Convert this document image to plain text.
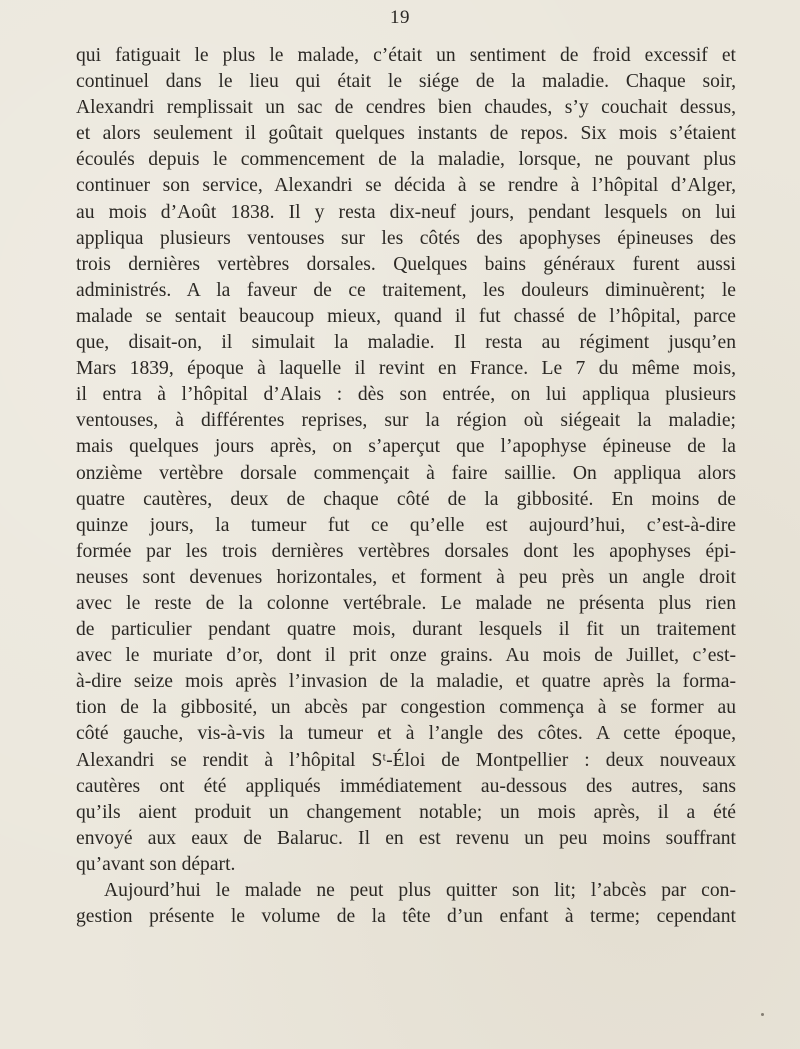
19
qui fatiguait le plus le malade, c’était un sentiment de froid excessif et
continuel dans le lieu qui était le siége de la maladie. Chaque soir,
Alexandri remplissait un sac de cendres bien chaudes, s’y couchait dessus,
et alors seulement il goûtait quelques instants de repos. Six mois s’étaient
écoulés depuis le commencement de la maladie, lorsque, ne pouvant plus
continuer son service, Alexandri se décida à se rendre à l’hôpital d’Alger,
au mois d’Août 1838. Il y resta dix-neuf jours, pendant lesquels on lui
appliqua plusieurs ventouses sur les côtés des apophyses épineuses des
trois dernières vertèbres dorsales. Quelques bains généraux furent aussi
administrés. A la faveur de ce traitement, les douleurs diminuèrent; le
malade se sentait beaucoup mieux, quand il fut chassé de l’hôpital, parce
que, disait-on, il simulait la maladie. Il resta au régiment jusqu’en
Mars 1839, époque à laquelle il revint en France. Le 7 du même mois,
il entra à l’hôpital d’Alais : dès son entrée, on lui appliqua plusieurs
ventouses, à différentes reprises, sur la région où siégeait la maladie;
mais quelques jours après, on s’aperçut que l’apophyse épineuse de la
onzième vertèbre dorsale commençait à faire saillie. On appliqua alors
quatre cautères, deux de chaque côté de la gibbosité. En moins de
quinze jours, la tumeur fut ce qu’elle est aujourd’hui, c’est-à-dire
formée par les trois dernières vertèbres dorsales dont les apophyses épi-
neuses sont devenues horizontales, et forment à peu près un angle droit
avec le reste de la colonne vertébrale. Le malade ne présenta plus rien
de particulier pendant quatre mois, durant lesquels il fit un traitement
avec le muriate d’or, dont il prit onze grains. Au mois de Juillet, c’est-
à-dire seize mois après l’invasion de la maladie, et quatre après la forma-
tion de la gibbosité, un abcès par congestion commença à se former au
côté gauche, vis-à-vis la tumeur et à l’angle des côtes. A cette époque,
Alexandri se rendit à l’hôpital Sᵗ-Éloi de Montpellier : deux nouveaux
cautères ont été appliqués immédiatement au-dessous des autres, sans
qu’ils aient produit un changement notable; un mois après, il a été
envoyé aux eaux de Balaruc. Il en est revenu un peu moins souffrant
qu’avant son départ.
Aujourd’hui le malade ne peut plus quitter son lit; l’abcès par con-
gestion présente le volume de la tête d’un enfant à terme; cependant
